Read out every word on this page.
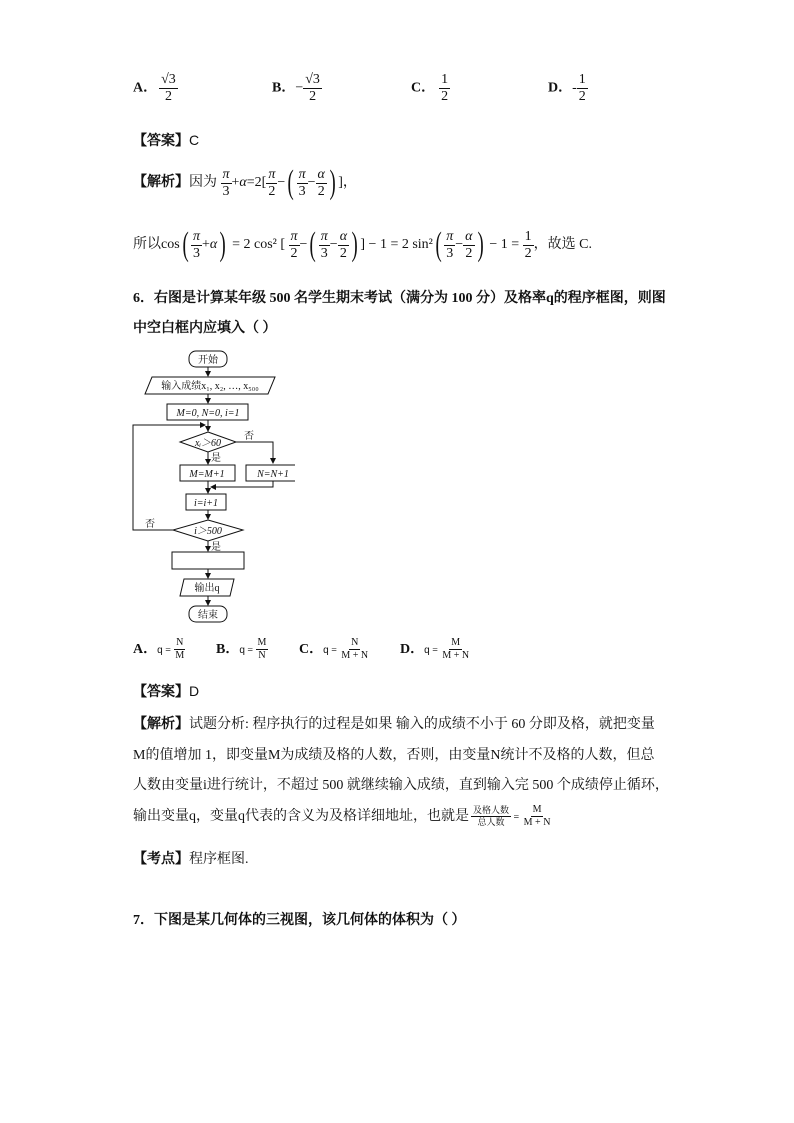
A． $\frac{√3}{2}$	B．− $\frac{√3}{2}$	C． $\frac{1}{2}$	D．- $\frac{1}{2}$
【答案】C
【解析】因为 $\frac{\pi}{3} +\alpha=2[ \frac{\pi}{2}$ −( $\frac{\pi}{3} - \frac{\alpha}{2}$ ) ]，
所以$\cos( \frac{\pi}{3} +\alpha) = 2$ cos² [ $\frac{\pi}{2}$ −( $\frac{\pi}{3} - \frac{\alpha}{2}$ ) ] − 1 = 2 $\sin^2( \frac{\pi}{3} - \frac{\alpha}{2}$ ) − $1 = \frac{1}{2}$ ，故选 C.
6．右图是计算某年级 500 名学生期末考试（满分为 100 分）及格率q的程序框图，则图
中空白框内应填入（ ）
开始
输入成绩x₁, x₂, …, x₅₀₀
M=0, N=0, i=1
xᵢ＞60
否
是
M=M+1	N=N+1
i=i+1
i＞500
否
是
输出q
结束
A．$q = \frac{N}{M}$ B．$q = \frac{M}{N}$ C．$q = \frac{N}{M + N}$ D．$q = \frac{M}{M + N}$
【答案】D
【解析】试题分析: 程序执行的过程是如果 输入的成绩不小于 60 分即及格，就把变量
M的值增加 1，即变量M为成绩及格的人数，否则，由变量N统计不及格的人数，但总
人数由变量i进行统计，不超过 500 就继续输入成绩，直到输入完 500 个成绩停止循环，
输出变量q，变量q代表的含义为及格详细地址，也就是 $\frac{\text{及格人数}}{\text{总人数}} = \frac{M}{M + N}$
【考点】程序框图.
7．下图是某几何体的三视图，该几何体的体积为（ ）
